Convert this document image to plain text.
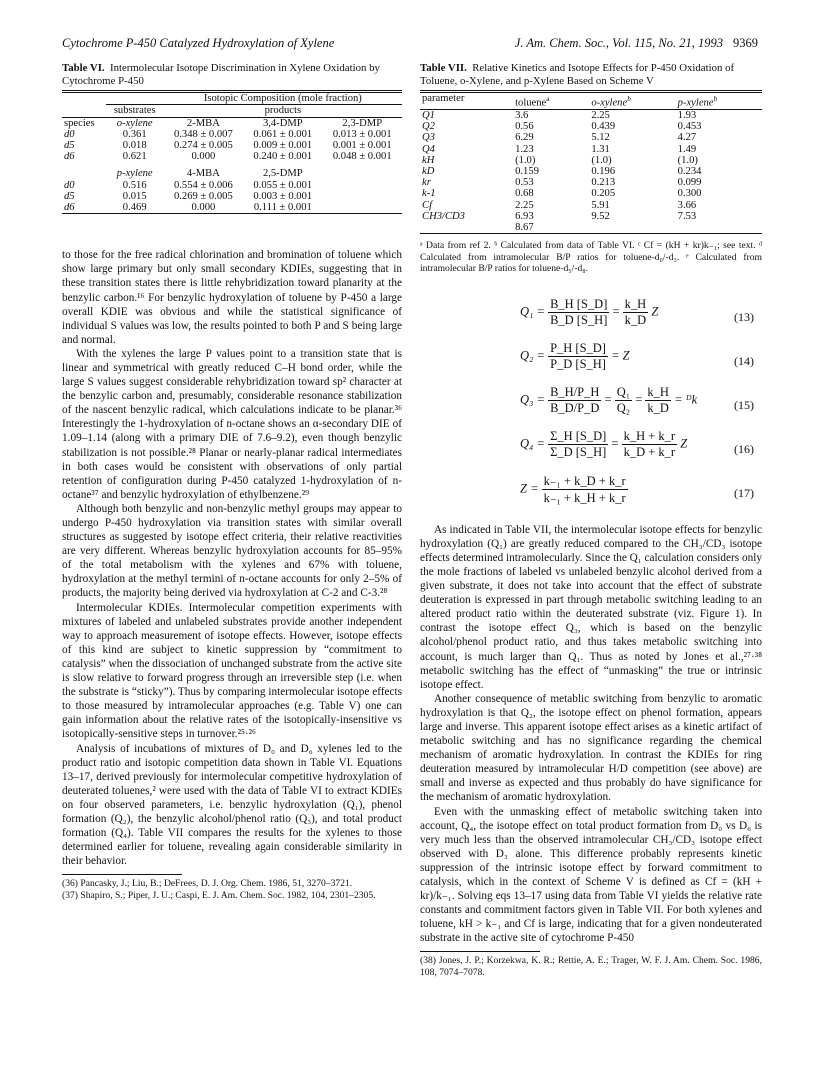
Cytochrome P-450 Catalyzed Hydroxylation of Xylene	J. Am. Chem. Soc., Vol. 115, No. 21, 1993 9369
Table VI. Intermolecular Isotope Discrimination in Xylene Oxidation by Cytochrome P-450
		Isotopic Composition (mole fraction)		
	substrates	products		
species	o-xylene	2-MBA	3,4-DMP	2,3-DMP
d0	0.361	0.348 ± 0.007	0.061 ± 0.001	0.013 ± 0.001
d5	0.018	0.274 ± 0.005	0.009 ± 0.001	0.001 ± 0.001
d6	0.621	0.000	0.240 ± 0.001	0.048 ± 0.001

	p-xylene	4-MBA	2,5-DMP	
d0	0.516	0.554 ± 0.006	0.055 ± 0.001	
d5	0.015	0.269 ± 0.005	0.003 ± 0.001	
d6	0.469	0.000	0.111 ± 0.001	

to those for the free radical chlorination and bromination of toluene which show large primary but only small secondary KDIEs, suggesting that in these transition states there is little rehybridization toward planarity at the benzylic carbon.¹⁶ For benzylic hydroxylation of toluene by P-450 a large overall KDIE was obvious and while the statistical significance of individual S values was low, the results pointed to both P and S being large and normal.

With the xylenes the large P values point to a transition state that is linear and symmetrical with greatly reduced C–H bond order, while the large S values suggest considerable rehybridization toward sp² character at the benzylic carbon and, presumably, considerable resonance stabilization of the nascent benzylic radical, which calculations indicate to be planar.³⁶ Interestingly the 1-hydroxylation of n-octane shows an α-secondary DIE of 1.09–1.14 (along with a primary DIE of 7.6–9.2), even though benzylic stabilization is not possible.²⁸ Planar or nearly-planar radical intermediates in both cases would be consistent with observations of only partial retention of configuration during P-450 catalyzed 1-hydroxylation of n-octane³⁷ and benzylic hydroxylation of ethylbenzene.²⁹

Although both benzylic and non-benzylic methyl groups may appear to undergo P-450 hydroxylation via transition states with similar overall structures as suggested by isotope effect criteria, their relative reactivities are very different. Whereas benzylic hydroxylation accounts for 85–95% of the total metabolism with the xylenes and 67% with toluene, hydroxylation at the methyl termini of n-octane accounts for only 2–5% of products, the majority being derived via hydroxylation at C-2 and C-3.²⁸

Intermolecular KDIEs. Intermolecular competition experiments with mixtures of labeled and unlabeled substrates provide another independent way to approach measurement of isotope effects. However, isotope effects of this kind are subject to kinetic suppression by “commitment to catalysis” when the dissociation of unchanged substrate from the active site is slow relative to forward progress through an irreversible step (i.e. when the substrate is “sticky”). Thus by comparing intermolecular isotope effects to those measured by intramolecular approaches (e.g. Table V) one can gain information about the relative rates of the isotopically-insensitive vs isotopically-sensitive steps in turnover.²⁵·²⁶

Analysis of incubations of mixtures of D₀ and D₆ xylenes led to the product ratio and isotopic competition data shown in Table VI. Equations 13–17, derived previously for intermolecular competitive hydroxylation of deuterated toluenes,² were used with the data of Table VI to extract KDIEs on four observed parameters, i.e. benzylic hydroxylation (Q₁), phenol formation (Q₂), the benzylic alcohol/phenol ratio (Q₃), and total product formation (Q₄). Table VII compares the results for the xylenes to those determined earlier for toluene, revealing again considerable similarity in their behavior.

(36) Pancasky, J.; Liu, B.; DeFrees, D. J. Org. Chem. 1986, 51, 3270–3721.
(37) Shapiro, S.; Piper, J. U.; Caspi, E. J. Am. Chem. Soc. 1982, 104, 2301–2305.
Table VII. Relative Kinetics and Isotope Effects for P-450 Oxidation of Toluene, o-Xylene, and p-Xylene Based on Scheme V
parameter	toluene$^a$	o-xylene$^b$	p-xylene$^b$
Q1	3.6	2.25	1.93
Q2	0.56	0.439	0.453
Q3	6.29	5.12	4.27
Q4	1.23	1.31	1.49
kH	(1.0)	(1.0)	(1.0)
kD	0.159	0.196	0.234
kr	0.53	0.213	0.099
k-1	0.68	0.205	0.300
Cf	2.25	5.91	3.66
CH3/CD3	6.93	9.52	7.53
	8.67		
ᵃ Data from ref 2. ᵇ Calculated from data of Table VI. ᶜ Cf = (kH + kr)k₋₁; see text. ᵈ Calculated from intramolecular B/P ratios for toluene-d₀/-d₃. ᵉ Calculated from intramolecular B/P ratios for toluene-d₅/-d₈.
$Q_1 = \frac{B\_H [S\_D]}{B\_D [S\_H]} = \frac{k\_H}{k\_D}$ Z	(13)
$Q_2 = \frac{P\_H [S\_D]}{P\_D [S\_H]} = Z$	(14)
$Q_3 = \frac{B\_H/P\_H}{B\_D/P\_D} = \frac{\text{Q₁}}{\text{Q₂}} = \frac{k\_H}{k\_D}$ = ᴰk	(15)
$Q_4 = \frac{\Sigma\_H [S\_D]}{\Sigma\_D [S\_H]} = \frac{k\_H + k\_r}{k\_D + k\_r}$ Z	(16)
$Z = \frac{\text{k₋₁ + k\_D + k\_r}}{\text{k₋₁ + k\_H + k\_r}}$	(17)

As indicated in Table VII, the intermolecular isotope effects for benzylic hydroxylation (Q₁) are greatly reduced compared to the CH₃/CD₃ isotope effects determined intramolecularly. Since the Q₁ calculation considers only the mole fractions of labeled vs unlabeled benzylic alcohol derived from a given substrate, it does not take into account that the effect of substrate deuteration is expressed in part through metabolic switching leading to an altered product ratio within the deuterated substrate (viz. Figure 1). In contrast the isotope effect Q₃, which is based on the benzylic alcohol/phenol product ratio, and thus takes metabolic switching into account, is much larger than Q₁. Thus as noted by Jones et al.,²⁷·³⁸ metabolic switching has the effect of “unmasking” the true or intrinsic isotope effect.

Another consequence of metablic switching from benzylic to aromatic hydroxylation is that Q₂, the isotope effect on phenol formation, appears large and inverse. This apparent isotope effect arises as a kinetic artifact of metabolic switching and has no significance regarding the chemical mechanism of aromatic hydroxylation. In contrast the KDIEs for ring deuteration measured by intramolecular H/D competition (see above) are small and inverse as expected and thus probably do have significance for the mechanism of aromatic hydroxylation.

Even with the unmasking effect of metabolic switching taken into account, Q₄, the isotope effect on total product formation from D₀ vs D₆ is very much less than the observed intramolecular CH₃/CD₃ isotope effect observed with D₃ alone. This difference probably represents kinetic suppression of the intrinsic isotope effect by forward commitment to catalysis, which in the context of Scheme V is defined as Cf = (kH + kr)/k₋₁. Solving eqs 13–17 using data from Table VI yields the relative rate constants and commitment factors given in Table VII. For both xylenes and toluene, kH > k₋₁ and Cf is large, indicating that for a given nondeuterated substrate in the active site of cytochrome P-450

(38) Jones, J. P.; Korzekwa, K. R.; Rettie, A. E.; Trager, W. F. J. Am. Chem. Soc. 1986, 108, 7074–7078.
